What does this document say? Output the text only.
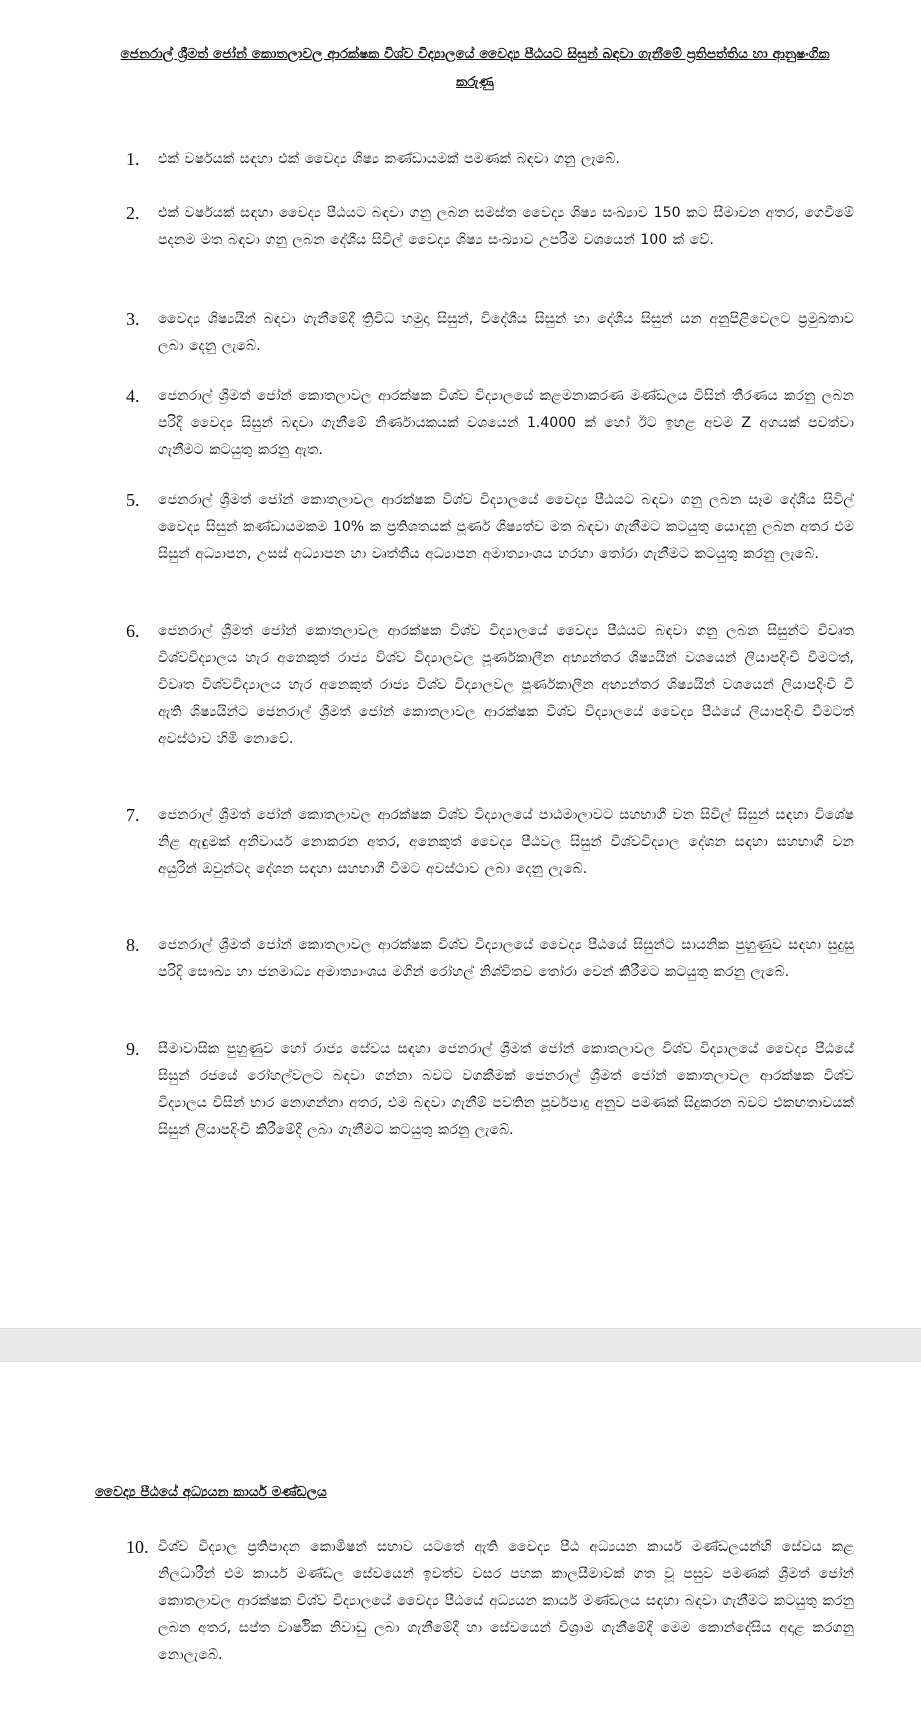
ජෙනරාල් ශ්‍රීමත් ජෝන් කොතලාවල ආරක්ෂක විශ්ව විද්‍යාලයේ වෛද්‍ය පීඨයට සිසුන් බඳවා ගැනීමේ ප්‍රතිපත්තිය හා ආනුෂංගික කරුණු
1. එක් වර්ෂයක් සඳහා එක් වෛද්‍ය ශිෂ්‍ය කණ්ඩායමක් පමණක් බඳවා ගනු ලැබේ.
2. එක් වර්ෂයක් සඳහා වෛද්‍ය පීඨයට බඳවා ගනු ලබන සමස්ත වෛද්‍ය ශිෂ්‍ය සංඛ්‍යාව 150 කට සීමාවන අතර, ගෙවීමේ පදනම මත බඳවා ගනු ලබන දේශීය සිවිල් වෛද්‍ය ශිෂ්‍ය සංඛ්‍යාව උපරිම වශයෙන් 100 ක් වේ.
3. වෛද්‍ය ශිෂ්‍යයින් බඳවා ගැනීමේදී ත්‍රිවිධ හමුදා සිසුන්, විදේශීය සිසුන් හා දේශීය සිසුන් යන අනුපිළිවෙලට ප්‍රමුඛතාව ලබා දෙනු ලැබේ.
4. ජෙනරාල් ශ්‍රීමත් ජෝන් කොතලාවල ආරක්ෂක විශ්ව විද්‍යාලයේ කළමනාකරණ මණ්ඩලය විසින් තීරණය කරනු ලබන පරිදි වෛද්‍ය සිසුන් බඳවා ගැනීමේ නිර්ණායකයක් වශයෙන් 1.4000 ක් හෝ ඊට ඉහළ අවම Z අගයක් පවත්වා ගැනීමට කටයුතු කරනු ඇත.
5. ජෙනරාල් ශ්‍රීමත් ජෝන් කොතලාවල ආරක්ෂක විශ්ව විද්‍යාලයේ වෛද්‍ය පීඨයට බඳවා ගනු ලබන සෑම දේශීය සිවිල් වෛද්‍ය සිසුන් කණ්ඩායමකම 10% ක ප්‍රතිශතයක් පූර්ණ ශිෂ්‍යත්ව මත බඳවා ගැනීමට කටයුතු යොදනු ලබන අතර එම සිසුන් අධ්‍යාපන, උසස් අධ්‍යාපන හා වෘත්තීය අධ්‍යාපන අමාත්‍යාංශය හරහා තෝරා ගැනීමට කටයුතු කරනු ලැබේ.
6. ජෙනරාල් ශ්‍රීමත් ජෝන් කොතලාවල ආරක්ෂක විශ්ව විද්‍යාලයේ වෛද්‍ය පීඨයට බඳවා ගනු ලබන සිසුන්ට විවෘත විශ්වවිද්‍යාලය හැර අනෙකුත් රාජ්‍ය විශ්ව විද්‍යාලවල පූර්ණකාලීන අභ්‍යන්තර ශිෂ්‍යයින් වශයෙන් ලියාපදිංචි වීමටත්, විවෘත විශ්වවිද්‍යාලය හැර අනෙකුත් රාජ්‍ය විශ්ව විද්‍යාලවල පූර්ණකාලීන අභ්‍යන්තර ශිෂ්‍යයින් වශයෙන් ලියාපදිංචි වී ඇති ශිෂ්‍යයින්ට ජෙනරාල් ශ්‍රීමත් ජෝන් කොතලාවල ආරක්ෂක විශ්ව විද්‍යාලයේ වෛද්‍ය පීඨයේ ලියාපදිංචි වීමටත් අවස්ථාව හිමි නොවේ.
7. ජෙනරාල් ශ්‍රීමත් ජෝන් කොතලාවල ආරක්ෂක විශ්ව විද්‍යාලයේ පාඨමාලාවට සහභාගී වන සිවිල් සිසුන් සඳහා විශේෂ නිළ ඇඳුමක් අනිවාර්ය නොකරන අතර, අනෙකුත් වෛද්‍ය පීඨවල සිසුන් විශ්වවිද්‍යාල දේශන සඳහා සහභාගී වන අයුරින් ඔවුන්ටද දේශන සඳහා සහභාගී වීමට අවස්ථාව ලබා දෙනු ලැබේ.
8. ජෙනරාල් ශ්‍රීමත් ජෝන් කොතලාවල ආරක්ෂක විශ්ව විද්‍යාලයේ වෛද්‍ය පීඨයේ සිසුන්ට සායනික පුහුණුව සඳහා සුදුසු පරිදි සෞඛ්‍ය හා ජනමාධ්‍ය අමාත්‍යාංශය මගින් රෝහල් නිශ්චිතව තෝරා වෙන් කිරීමට කටයුතු කරනු ලැබේ.
9. සීමාවාසික පුහුණුව හෝ රාජ්‍ය සේවය සඳහා ජෙනරාල් ශ්‍රීමත් ජෝන් කොතලාවල විශ්ව විද්‍යාලයේ වෛද්‍ය පීඨයේ සිසුන් රජයේ රෝහල්වලට බඳවා ගන්නා බවට වගකීමක් ජෙනරාල් ශ්‍රීමත් ජෝන් කොතලාවල ආරක්ෂක විශ්ව විද්‍යාලය විසින් භාර නොගන්නා අතර, එම බඳවා ගැනීම් පවතින පූර්වපාදු අනුව පමණක් සිදුකරන බවට එකඟතාවයක් සිසුන් ලියාපදිංචි කිරීමේදී ලබා ගැනීමට කටයුතු කරනු ලැබේ.
වෛද්‍ය පීඨයේ අධ්‍යයන කාර්ය මණ්ඩලය
10. විශ්ව විද්‍යාල ප්‍රතිපාදන කොමිෂන් සභාව යටතේ ඇති වෛද්‍ය පීඨ අධ්‍යයන කාර්ය මණ්ඩලයන්හි සේවය කළ නිලධාරීන් එම කාර්ය මණ්ඩල සේවයෙන් ඉවත්ව වසර පහක කාලසීමාවක් ගත වූ පසුව පමණක් ශ්‍රීමත් ජෝන් කොතලාවල ආරක්ෂක විශ්ව විද්‍යාලයේ වෛද්‍ය පීඨයේ අධ්‍යයන කාර්ය මණ්ඩලය සඳහා බඳවා ගැනීමට කටයුතු කරනු ලබන අතර, සප්ත වාර්ෂික නිවාඩු ලබා ගැනීමේදී හා සේවයෙන් විශ්‍රාම ගැනීමේදී මෙම කොන්දේසිය අදාළ කරගනු නොලැබේ.
